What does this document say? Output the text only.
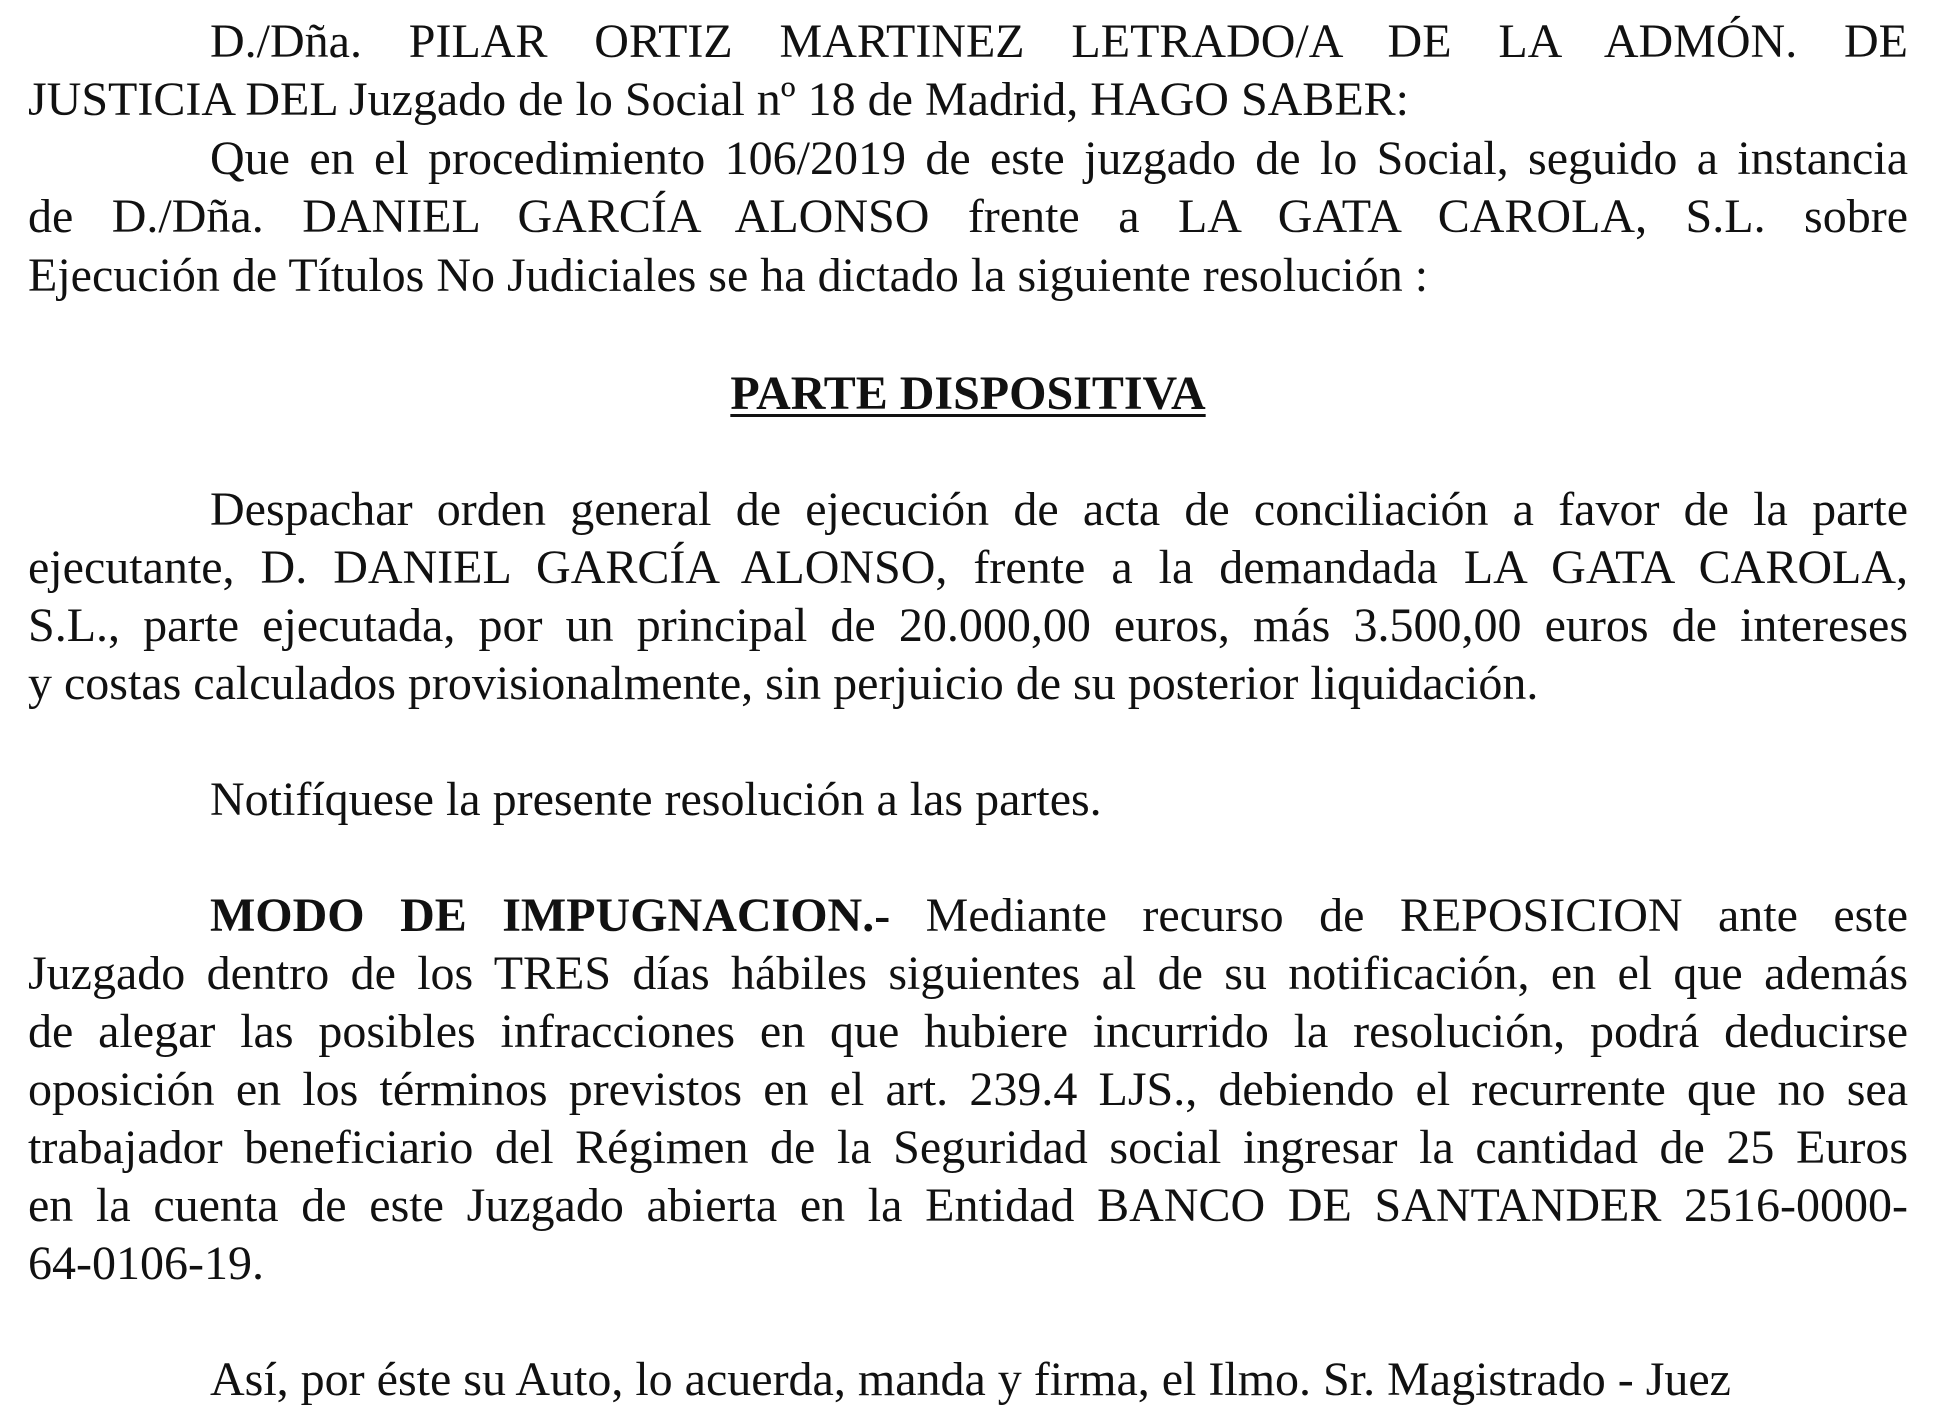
D./Dña. PILAR ORTIZ MARTINEZ LETRADO/A DE LA ADMÓN. DE
JUSTICIA DEL Juzgado de lo Social nº 18 de Madrid, HAGO SABER:
Que en el procedimiento 106/2019 de este juzgado de lo Social, seguido a instancia
de D./Dña. DANIEL GARCÍA ALONSO frente a LA GATA CAROLA, S.L. sobre
Ejecución de Títulos No Judiciales se ha dictado la siguiente resolución :
PARTE DISPOSITIVA
Despachar orden general de ejecución de acta de conciliación a favor de la parte
ejecutante, D. DANIEL GARCÍA ALONSO, frente a la demandada LA GATA CAROLA,
S.L., parte ejecutada, por un principal de 20.000,00 euros, más 3.500,00 euros de intereses
y costas calculados provisionalmente, sin perjuicio de su posterior liquidación.
Notifíquese la presente resolución a las partes.
MODO DE IMPUGNACION.- Mediante recurso de REPOSICION ante este
Juzgado dentro de los TRES días hábiles siguientes al de su notificación, en el que además
de alegar las posibles infracciones en que hubiere incurrido la resolución, podrá deducirse
oposición en los términos previstos en el art. 239.4 LJS., debiendo el recurrente que no sea
trabajador beneficiario del Régimen de la Seguridad social ingresar la cantidad de 25 Euros
en la cuenta de este Juzgado abierta en la Entidad BANCO DE SANTANDER 2516-0000-
64-0106-19.
Así, por éste su Auto, lo acuerda, manda y firma, el Ilmo. Sr. Magistrado - Juez
